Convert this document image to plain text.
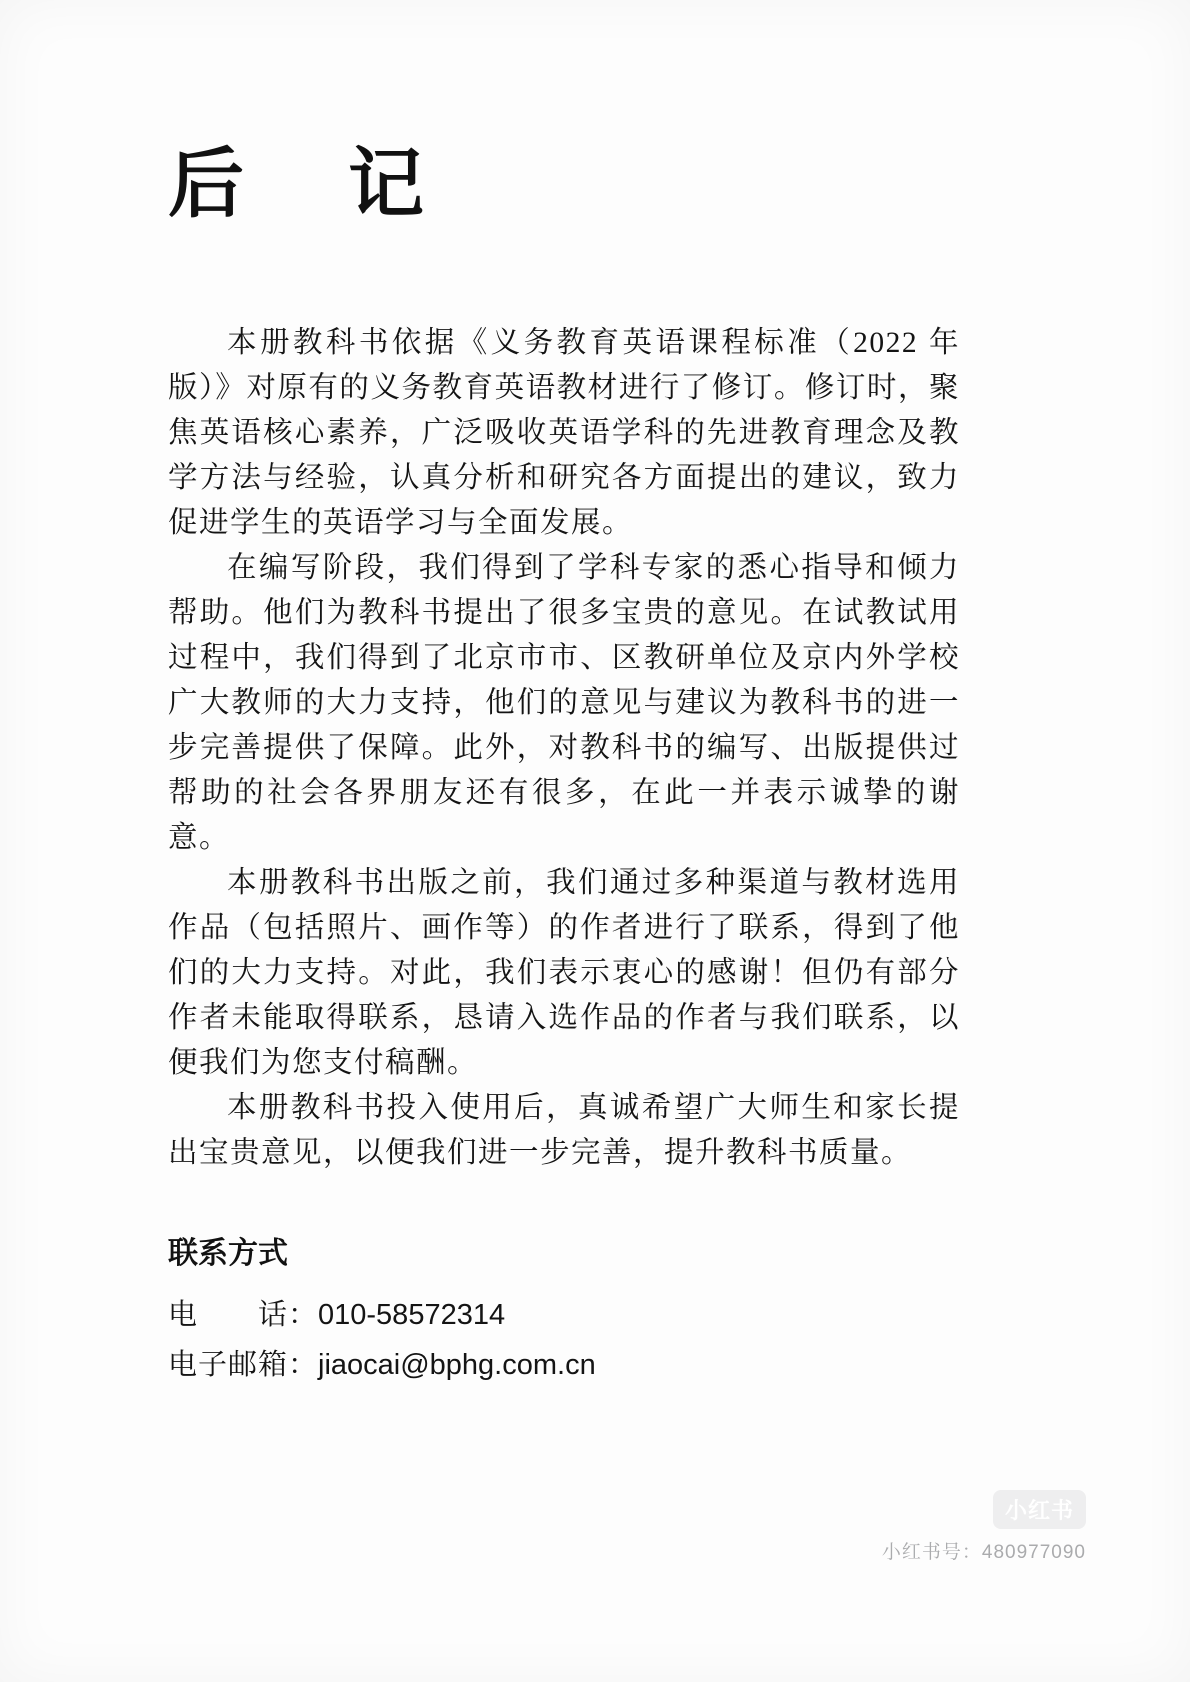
后　记

本册教科书依据《义务教育英语课程标准（2022 年版）》对原有的义务教育英语教材进行了修订。修订时，聚焦英语核心素养，广泛吸收英语学科的先进教育理念及教学方法与经验，认真分析和研究各方面提出的建议，致力促进学生的英语学习与全面发展。

在编写阶段，我们得到了学科专家的悉心指导和倾力帮助。他们为教科书提出了很多宝贵的意见。在试教试用过程中，我们得到了北京市市、区教研单位及京内外学校广大教师的大力支持，他们的意见与建议为教科书的进一步完善提供了保障。此外，对教科书的编写、出版提供过帮助的社会各界朋友还有很多，在此一并表示诚挚的谢意。

本册教科书出版之前，我们通过多种渠道与教材选用作品（包括照片、画作等）的作者进行了联系，得到了他们的大力支持。对此，我们表示衷心的感谢！但仍有部分作者未能取得联系，恳请入选作品的作者与我们联系，以便我们为您支付稿酬。

本册教科书投入使用后，真诚希望广大师生和家长提出宝贵意见，以便我们进一步完善，提升教科书质量。

联系方式

电　　话：010-58572314

电子邮箱：jiaocai@bphg.com.cn

小红书
小红书号：480977090
